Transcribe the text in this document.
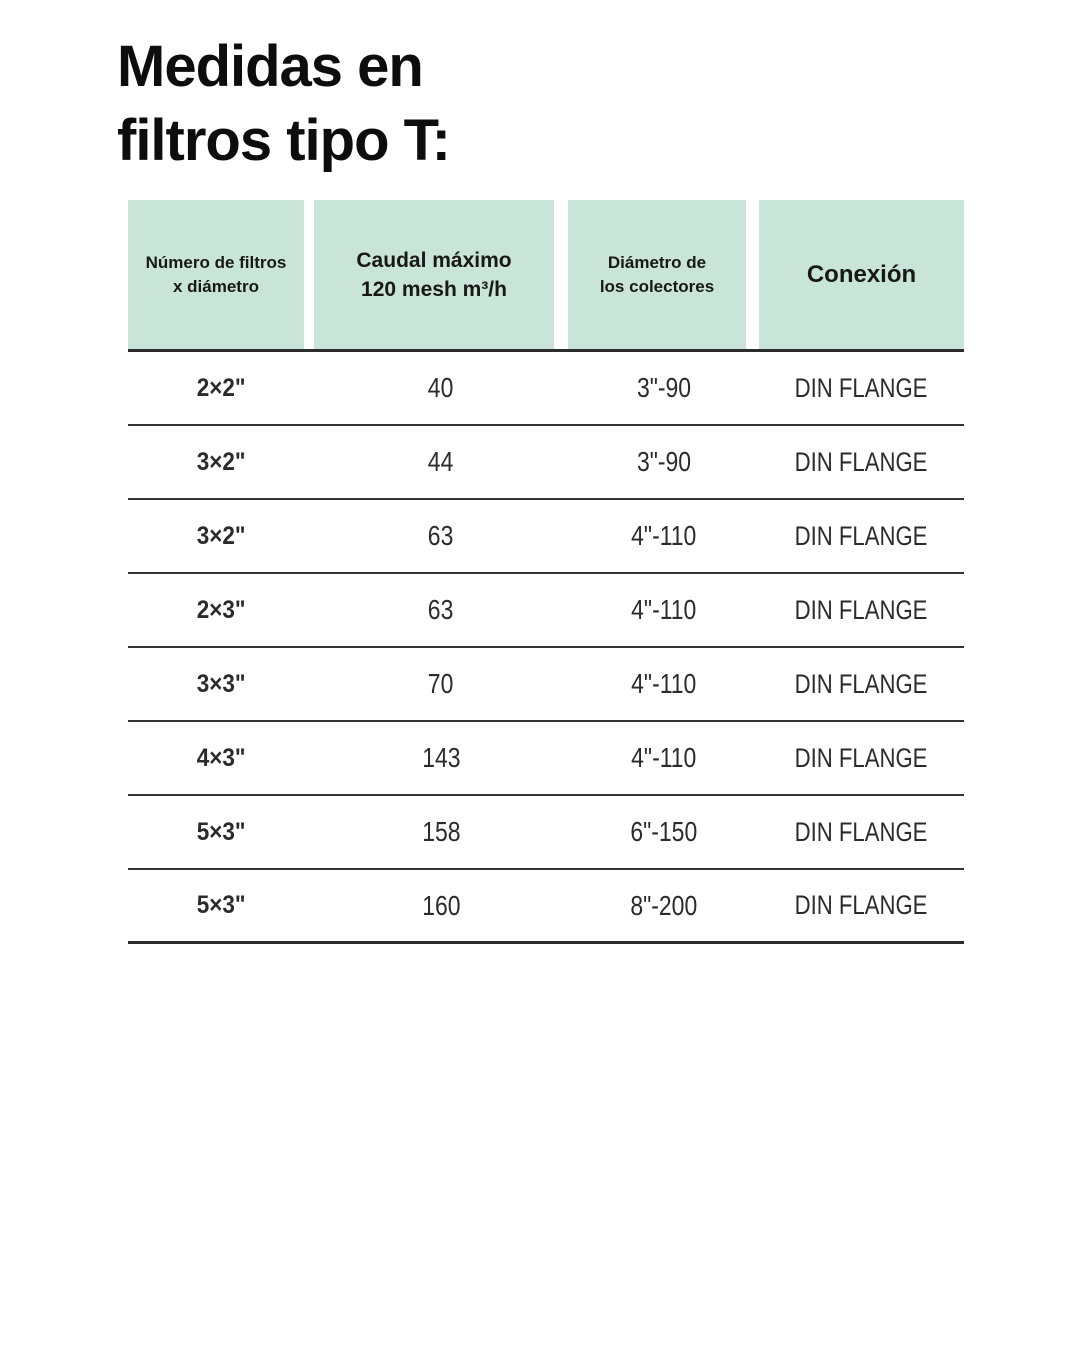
Medidas en
filtros tipo T:
Número de filtros
x diámetro
Caudal máximo
120 mesh m³/h
Diámetro de
los colectores	Conexión
2×2"	40	3"-90	DIN FLANGE
3×2"	44	3"-90	DIN FLANGE
3×2"	63	4"-110	DIN FLANGE
2×3"	63	4"-110	DIN FLANGE
3×3"	70	4"-110	DIN FLANGE
4×3"	143	4"-110	DIN FLANGE
5×3"	158	6"-150	DIN FLANGE
5×3"	160	8"-200	DIN FLANGE
